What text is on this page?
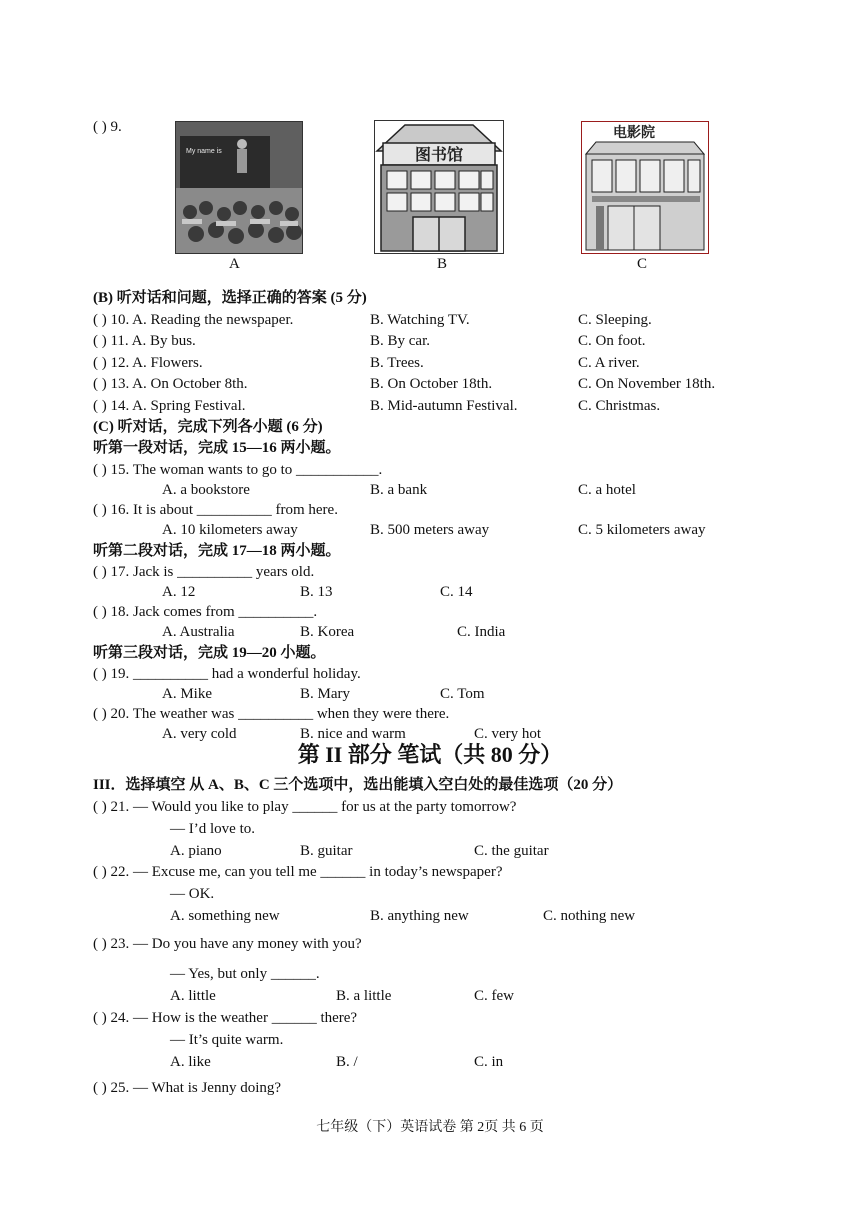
( ) 9.
My name is
A
图书馆
B
电影院
C
(B) 听对话和问题，选择正确的答案 (5 分)
( ) 10. A. Reading the newspaper.	B. Watching TV.	C. Sleeping.
( ) 11. A. By bus.	B. By car.	C. On foot.
( ) 12. A. Flowers.	B. Trees.	C. A river.
( ) 13. A. On October 8th.	B. On October 18th.	C. On November 18th.
( ) 14. A. Spring Festival.	B. Mid-autumn Festival.	C. Christmas.
(C) 听对话，完成下列各小题 (6 分)
听第一段对话，完成 15—16 两小题。
( ) 15. The woman wants to go to ___________.
A. a bookstore	B. a bank	C. a hotel
( ) 16. It is about __________ from here.
A. 10 kilometers away	B. 500 meters away	C. 5 kilometers away
听第二段对话，完成 17—18 两小题。
( ) 17. Jack is __________ years old.
A. 12	B. 13	C. 14
( ) 18. Jack comes from __________.
A. Australia	B. Korea	C. India
听第三段对话，完成 19—20 小题。
( ) 19. __________ had a wonderful holiday.
A. Mike	B. Mary	C. Tom
( ) 20. The weather was __________ when they were there.
A. very cold	B. nice and warm	C. very hot
第 II 部分 笔试（共 80 分）
III．选择填空 从 A、B、C 三个选项中，选出能填入空白处的最佳选项（20 分）
( ) 21. — Would you like to play ______ for us at the party tomorrow?
— I’d love to.
A. piano	B. guitar	C. the guitar
( ) 22. — Excuse me, can you tell me ______ in today’s newspaper?
— OK.
A. something new	B. anything new	C. nothing new
( ) 23. — Do you have any money with you?
— Yes, but only ______.
A. little	B. a little	C. few
( ) 24. — How is the weather ______ there?
— It’s quite warm.
A. like	B. /	C. in
( ) 25. — What is Jenny doing?
七年级（下）英语试卷 第 2页 共 6 页
